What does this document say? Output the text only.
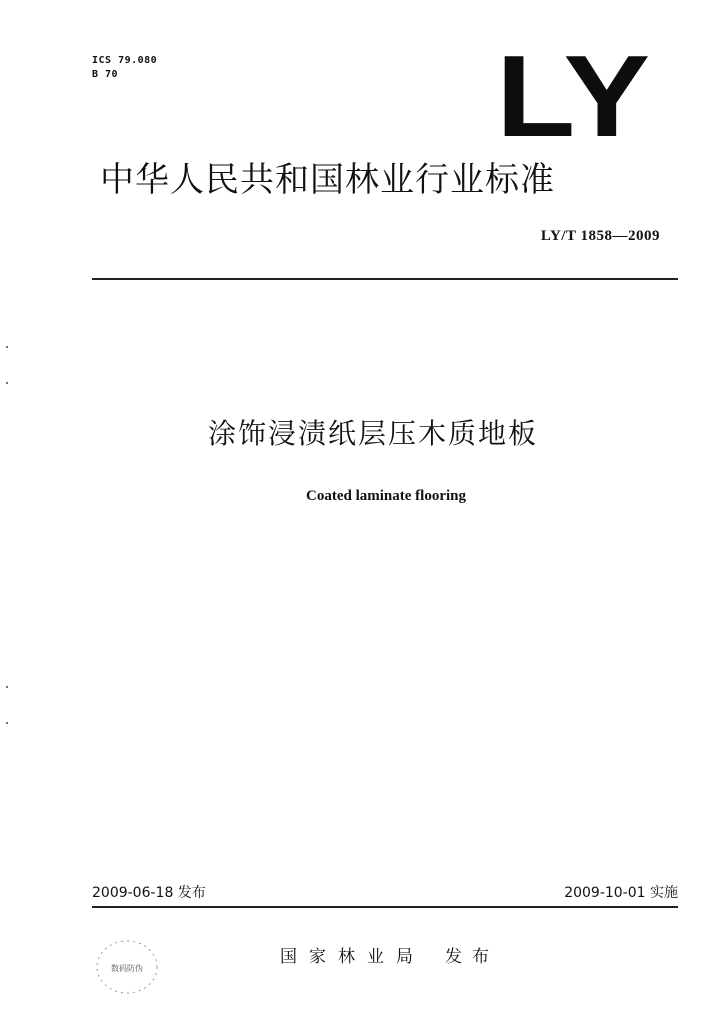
ICS 79.080
B 70	LY
中华人民共和国林业行业标准
LY/T 1858—2009
涂饰浸渍纸层压木质地板
Coated laminate flooring
2009-06-18 发布	2009-10-01 实施
国家林业局 发布
数码防伪
